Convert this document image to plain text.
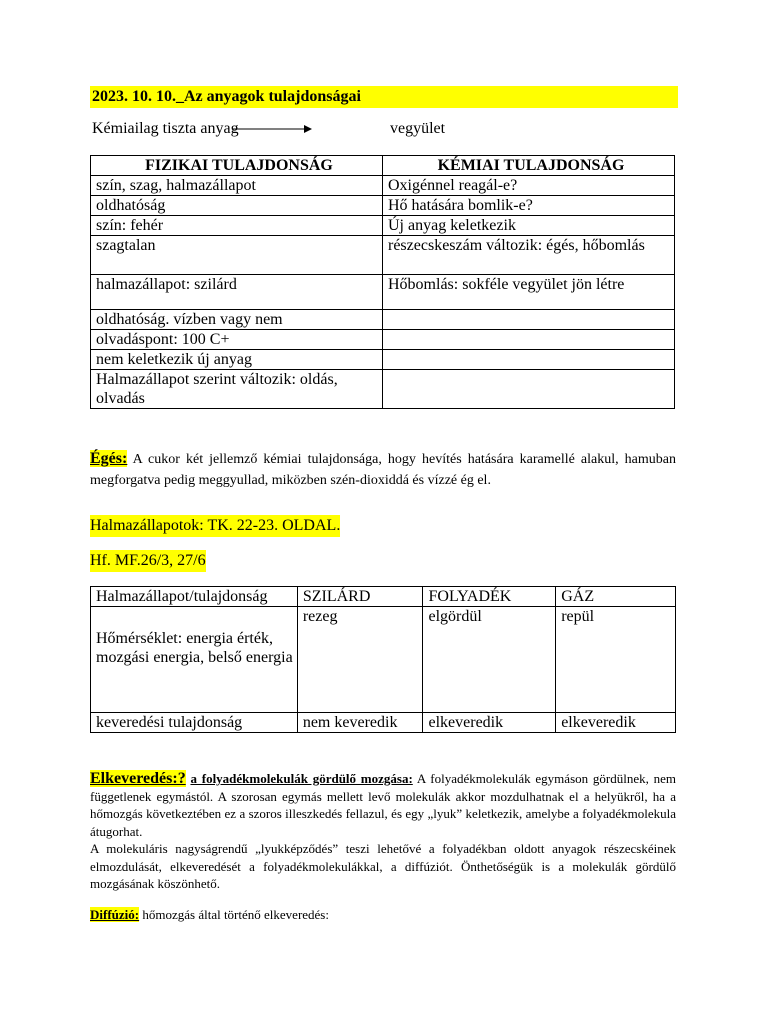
2023. 10. 10._Az anyagok tulajdonságai
Kémiailag tiszta anyag	vegyület
FIZIKAI TULAJDONSÁG	KÉMIAI TULAJDONSÁG
szín, szag, halmazállapot	Oxigénnel reagál-e?
oldhatóság	Hő hatására bomlik-e?
szín: fehér	Új anyag keletkezik
szagtalan	részecskeszám változik: égés, hőbomlás
halmazállapot: szilárd	Hőbomlás: sokféle vegyület jön létre
oldhatóság. vízben vagy nem	
olvadáspont: 100 C+	
nem keletkezik új anyag	
Halmazállapot szerint változik: oldás, olvadás	
Égés: A cukor két jellemző kémiai tulajdonsága, hogy hevítés hatására karamellé alakul, hamuban megforgatva pedig meggyullad, miközben szén-dioxiddá és vízzé ég el.
Halmazállapotok: TK. 22-23. OLDAL.
Hf. MF.26/3, 27/6
Halmazállapot/tulajdonság	SZILÁRD	FOLYADÉK	GÁZ
Hőmérséklet: energia érték, mozgási energia, belső energia	rezeg	elgördül	repül
keveredési tulajdonság	nem keveredik	elkeveredik	elkeveredik
Elkeveredés:? a folyadékmolekulák gördülő mozgása: A folyadékmolekulák egymáson gördülnek, nem függetlenek egymástól. A szorosan egymás mellett levő molekulák akkor mozdulhatnak el a helyükről, ha a hőmozgás következtében ez a szoros illeszkedés fellazul, és egy „lyuk” keletkezik, amelybe a folyadékmolekula átugorhat.
A molekuláris nagyságrendű „lyukképződés” teszi lehetővé a folyadékban oldott anyagok részecskéinek elmozdulását, elkeveredését a folyadékmolekulákkal, a diffúziót. Önthetőségük is a molekulák gördülő mozgásának köszönhető.
Diffúzió: hőmozgás által történő elkeveredés:
